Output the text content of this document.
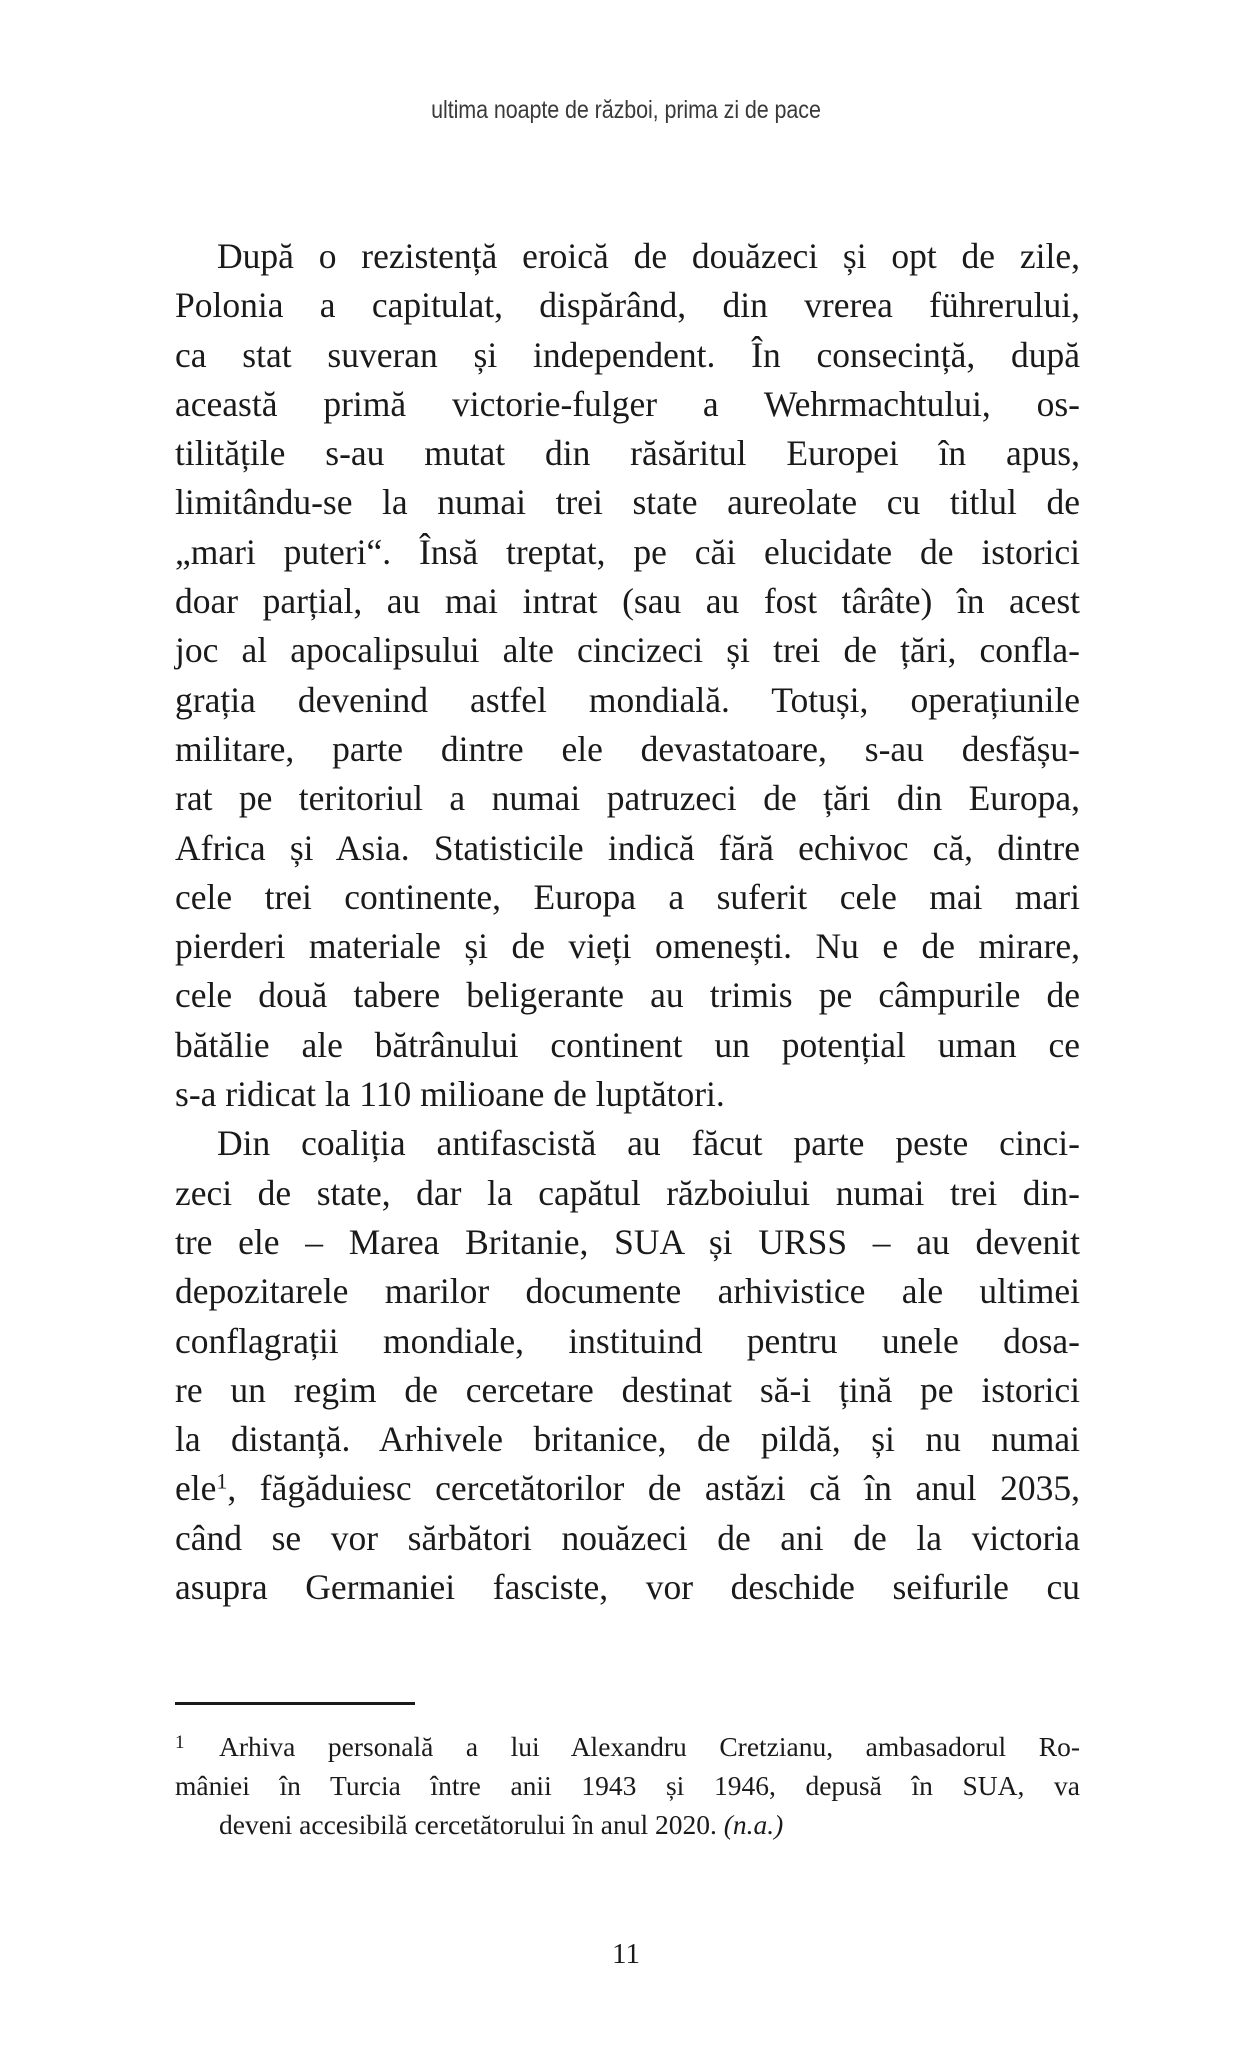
ultima noapte de război, prima zi de pace

După o rezistență eroică de douăzeci și opt de zile,
Polonia a capitulat, dispărând, din vrerea führerului,
ca stat suveran și independent. În consecință, după
această primă victorie-fulger a Wehrmachtului, os-
tilitățile s-au mutat din răsăritul Europei în apus,
limitându-se la numai trei state aureolate cu titlul de
„mari puteri“. Însă treptat, pe căi elucidate de istorici
doar parțial, au mai intrat (sau au fost târâte) în acest
joc al apocalipsului alte cincizeci și trei de țări, confla-
grația devenind astfel mondială. Totuși, operațiunile
militare, parte dintre ele devastatoare, s-au desfășu-
rat pe teritoriul a numai patruzeci de țări din Europa,
Africa și Asia. Statisticile indică fără echivoc că, dintre
cele trei continente, Europa a suferit cele mai mari
pierderi materiale și de vieți omenești. Nu e de mirare,
cele două tabere beligerante au trimis pe câmpurile de
bătălie ale bătrânului continent un potențial uman ce
s-a ridicat la 110 milioane de luptători.

Din coaliția antifascistă au făcut parte peste cinci-
zeci de state, dar la capătul războiului numai trei din-
tre ele – Marea Britanie, SUA și URSS – au devenit
depozitarele marilor documente arhivistice ale ultimei
conflagrații mondiale, instituind pentru unele dosa-
re un regim de cercetare destinat să-i țină pe istorici
la distanță. Arhivele britanice, de pildă, și nu numai
ele$^1$, făgăduiesc cercetătorilor de astăzi că în anul 2035,
când se vor sărbători nouăzeci de ani de la victoria
asupra Germaniei fasciste, vor deschide seifurile cu

1 Arhiva personală a lui Alexandru Cretzianu, ambasadorul Ro-
mâniei în Turcia între anii 1943 și 1946, depusă în SUA, va
deveni accesibilă cercetătorului în anul 2020. (n.a.)
11
